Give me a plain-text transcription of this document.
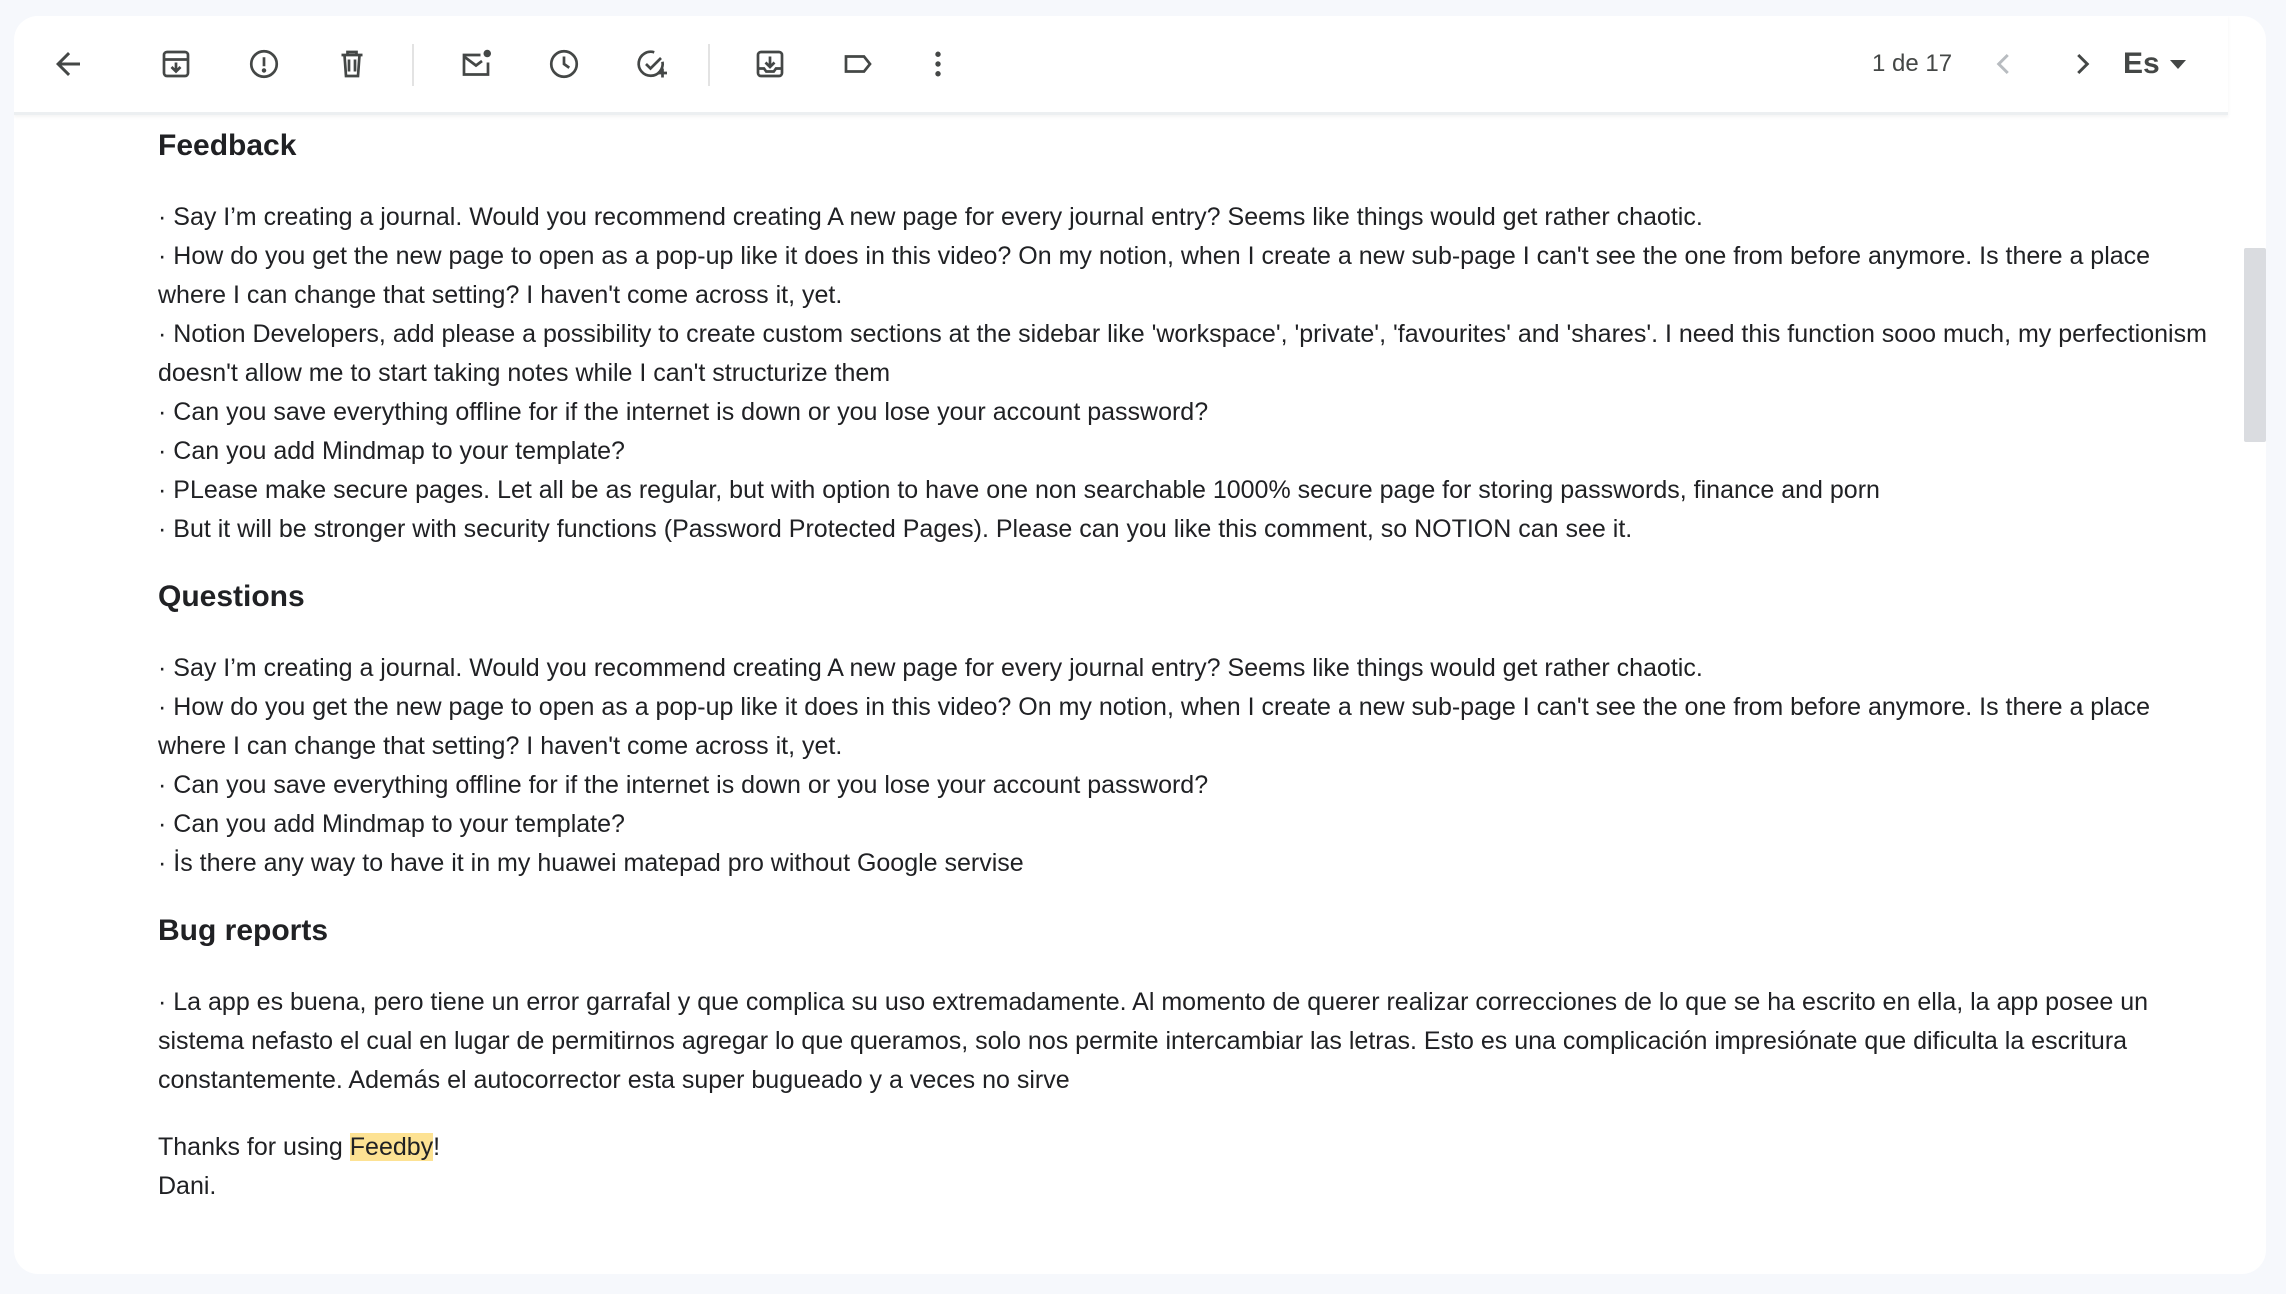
1 de 17	Es
Feedback

· Say I’m creating a journal. Would you recommend creating A new page for every journal entry? Seems like things would get rather chaotic.

· How do you get the new page to open as a pop-up like it does in this video? On my notion, when I create a new sub-page I can't see the one from before anymore. Is there a place where I can change that setting? I haven't come across it, yet.

· Notion Developers, add please a possibility to create custom sections at the sidebar like 'workspace', 'private', 'favourites' and 'shares'. I need this function sooo much, my perfectionism doesn't allow me to start taking notes while I can't structurize them

· Can you save everything offline for if the internet is down or you lose your account password?

· Can you add Mindmap to your template?

· PLease make secure pages. Let all be as regular, but with option to have one non searchable 1000% secure page for storing passwords, finance and porn

· But it will be stronger with security functions (Password Protected Pages). Please can you like this comment, so NOTION can see it.

Questions

· Say I’m creating a journal. Would you recommend creating A new page for every journal entry? Seems like things would get rather chaotic.

· How do you get the new page to open as a pop-up like it does in this video? On my notion, when I create a new sub-page I can't see the one from before anymore. Is there a place where I can change that setting? I haven't come across it, yet.

· Can you save everything offline for if the internet is down or you lose your account password?

· Can you add Mindmap to your template?

· İs there any way to have it in my huawei matepad pro without Google servise

Bug reports

· La app es buena, pero tiene un error garrafal y que complica su uso extremadamente. Al momento de querer realizar correcciones de lo que se ha escrito en ella, la app posee un sistema nefasto el cual en lugar de permitirnos agregar lo que queramos, solo nos permite intercambiar las letras. Esto es una complicación impresiónate que dificulta la escritura constantemente. Además el autocorrector esta super bugueado y a veces no sirve

Thanks for using Feedby!
Dani.
